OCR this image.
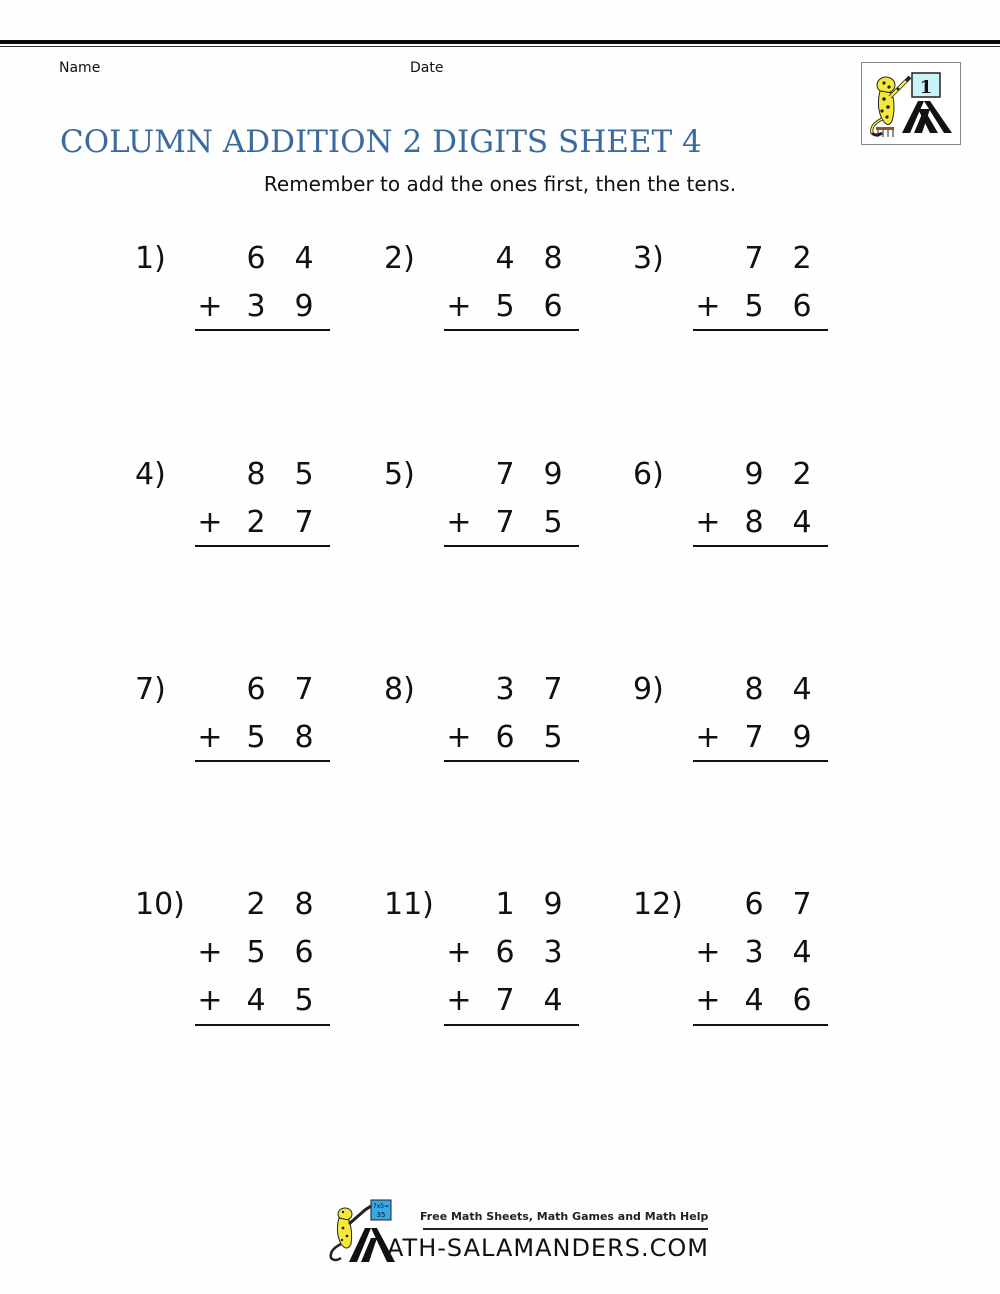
Name	Date
1
COLUMN ADDITION 2 DIGITS SHEET 4
Remember to add the ones first, then the tens.
1)	6 4
+ 3 9
2)	4 8
+ 5 6
3)	7 2
+ 5 6
4)	8 5
+ 2 7
5)	7 9
+ 7 5
6)	9 2
+ 8 4
7)	6 7
+ 5 8
8)	3 7
+ 6 5
9)	8 4
+ 7 9
10) 2 8
+ 5 6
+ 4 5
11) 1 9
+ 6 3
+ 7 4
12) 6 7
+ 3 4
+ 4 6
7x5=
35	Free Math Sheets, Math Games and Math Help
ATH-SALAMANDERS.COM
